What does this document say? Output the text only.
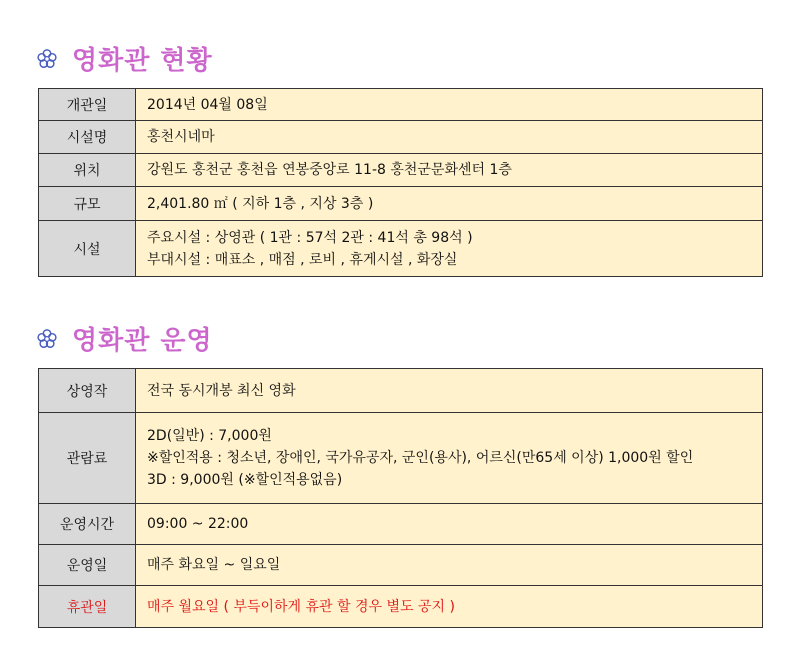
영화관 현황
개관일	2014년 04월 08일

시설명	홍천시네마

위치	강원도 홍천군 홍천읍 연봉중앙로 11-8 홍천군문화센터 1층

규모	2,401.80 ㎡ ( 지하 1층 , 지상 3층 )

시설	주요시설 : 상영관 ( 1관 : 57석 2관 : 41석 총 98석 )
부대시설 : 매표소 , 매점 , 로비 , 휴게시설 , 화장실
영화관 운영
상영작	전국 동시개봉 최신 영화

관람료	2D(일반) : 7,000원
※할인적용 : 청소년, 장애인, 국가유공자, 군인(용사), 어르신(만65세 이상) 1,000원 할인
3D : 9,000원 (※할인적용없음)

운영시간	09:00 ~ 22:00

운영일	매주 화요일 ~ 일요일

휴관일	매주 월요일 ( 부득이하게 휴관 할 경우 별도 공지 )
